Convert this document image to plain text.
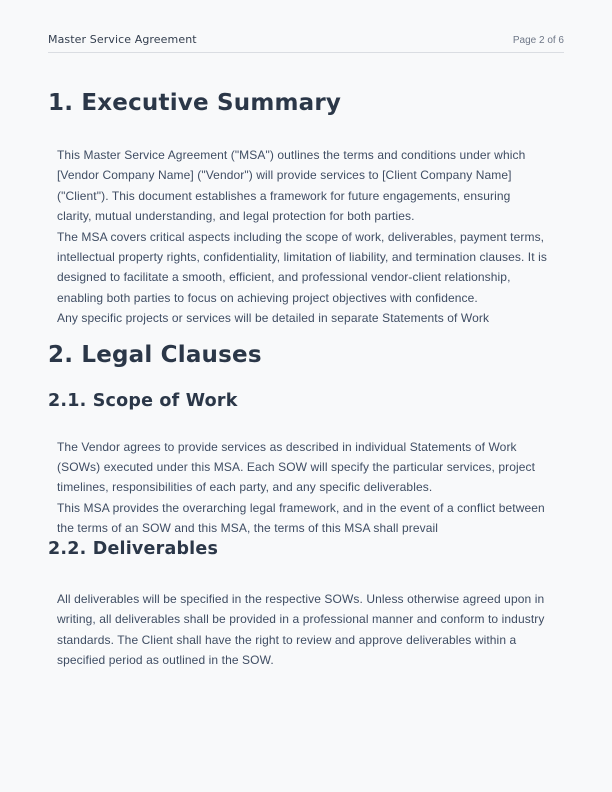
Master Service Agreement	Page 2 of 6
1. Executive Summary

This Master Service Agreement ("MSA") outlines the terms and conditions under which [Vendor Company Name] ("Vendor") will provide services to [Client Company Name] ("Client"). This document establishes a framework for future engagements, ensuring clarity, mutual understanding, and legal protection for both parties.

The MSA covers critical aspects including the scope of work, deliverables, payment terms, intellectual property rights, confidentiality, limitation of liability, and termination clauses. It is designed to facilitate a smooth, efficient, and professional vendor-client relationship, enabling both parties to focus on achieving project objectives with confidence.

Any specific projects or services will be detailed in separate Statements of Work

2. Legal Clauses
2.1. Scope of Work

The Vendor agrees to provide services as described in individual Statements of Work (SOWs) executed under this MSA. Each SOW will specify the particular services, project timelines, responsibilities of each party, and any specific deliverables.

This MSA provides the overarching legal framework, and in the event of a conflict between the terms of an SOW and this MSA, the terms of this MSA shall prevail

2.2. Deliverables

All deliverables will be specified in the respective SOWs. Unless otherwise agreed upon in writing, all deliverables shall be provided in a professional manner and conform to industry standards. The Client shall have the right to review and approve deliverables within a specified period as outlined in the SOW.
